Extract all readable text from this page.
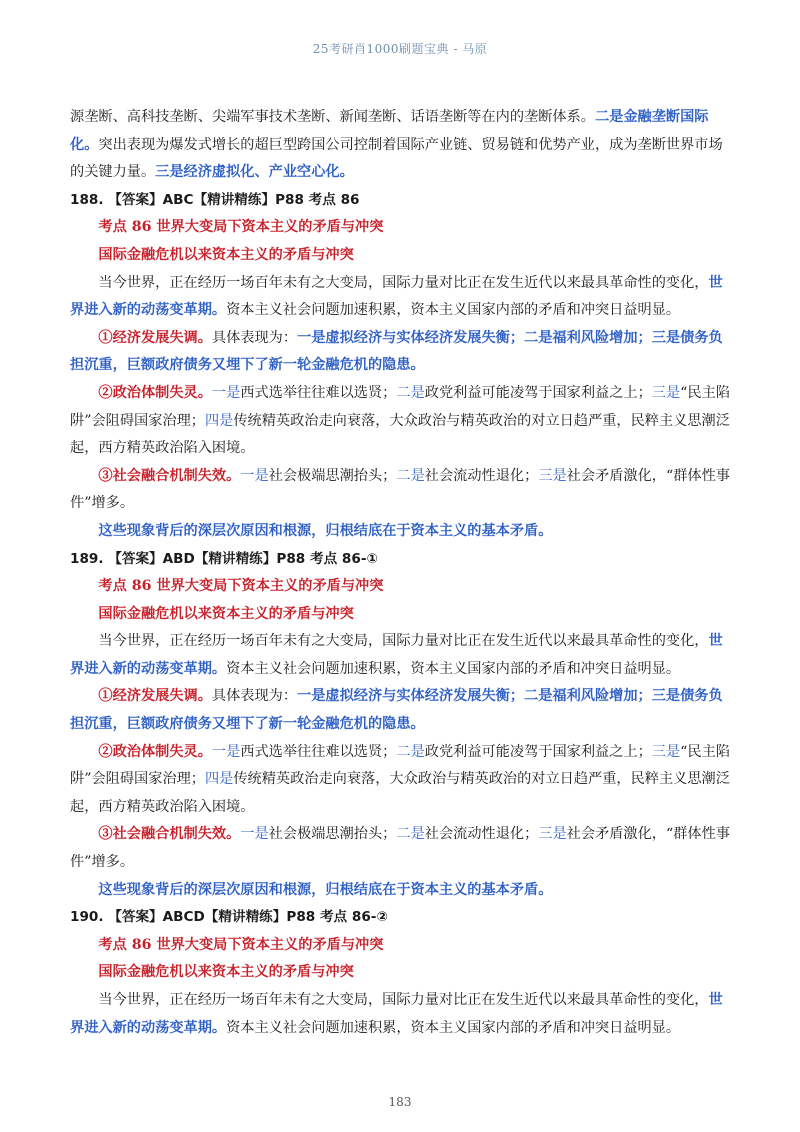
25考研肖1000刷题宝典 - 马原

源垄断、高科技垄断、尖端军事技术垄断、新闻垄断、话语垄断等在内的垄断体系。二是金融垄断国际化。突出表现为爆发式增长的超巨型跨国公司控制着国际产业链、贸易链和优势产业，成为垄断世界市场的关键力量。三是经济虚拟化、产业空心化。

188. 【答案】ABC【精讲精练】P88 考点 86

考点 86 世界大变局下资本主义的矛盾与冲突

国际金融危机以来资本主义的矛盾与冲突

当今世界，正在经历一场百年未有之大变局，国际力量对比正在发生近代以来最具革命性的变化，世界进入新的动荡变革期。资本主义社会问题加速积累，资本主义国家内部的矛盾和冲突日益明显。

①经济发展失调。具体表现为：一是虚拟经济与实体经济发展失衡；二是福利风险增加；三是债务负担沉重，巨额政府债务又埋下了新一轮金融危机的隐患。

②政治体制失灵。一是西式选举往往难以选贤；二是政党利益可能凌驾于国家利益之上；三是“民主陷阱”会阻碍国家治理；四是传统精英政治走向衰落，大众政治与精英政治的对立日趋严重，民粹主义思潮泛起，西方精英政治陷入困境。

③社会融合机制失效。一是社会极端思潮抬头；二是社会流动性退化；三是社会矛盾激化，“群体性事件”增多。

这些现象背后的深层次原因和根源，归根结底在于资本主义的基本矛盾。

189. 【答案】ABD【精讲精练】P88 考点 86-①

考点 86 世界大变局下资本主义的矛盾与冲突

国际金融危机以来资本主义的矛盾与冲突

当今世界，正在经历一场百年未有之大变局，国际力量对比正在发生近代以来最具革命性的变化，世界进入新的动荡变革期。资本主义社会问题加速积累，资本主义国家内部的矛盾和冲突日益明显。

①经济发展失调。具体表现为：一是虚拟经济与实体经济发展失衡；二是福利风险增加；三是债务负担沉重，巨额政府债务又埋下了新一轮金融危机的隐患。

②政治体制失灵。一是西式选举往往难以选贤；二是政党利益可能凌驾于国家利益之上；三是“民主陷阱”会阻碍国家治理；四是传统精英政治走向衰落，大众政治与精英政治的对立日趋严重，民粹主义思潮泛起，西方精英政治陷入困境。

③社会融合机制失效。一是社会极端思潮抬头；二是社会流动性退化；三是社会矛盾激化，“群体性事件”增多。

这些现象背后的深层次原因和根源，归根结底在于资本主义的基本矛盾。

190. 【答案】ABCD【精讲精练】P88 考点 86-②

考点 86 世界大变局下资本主义的矛盾与冲突

国际金融危机以来资本主义的矛盾与冲突

当今世界，正在经历一场百年未有之大变局，国际力量对比正在发生近代以来最具革命性的变化，世界进入新的动荡变革期。资本主义社会问题加速积累，资本主义国家内部的矛盾和冲突日益明显。

183
